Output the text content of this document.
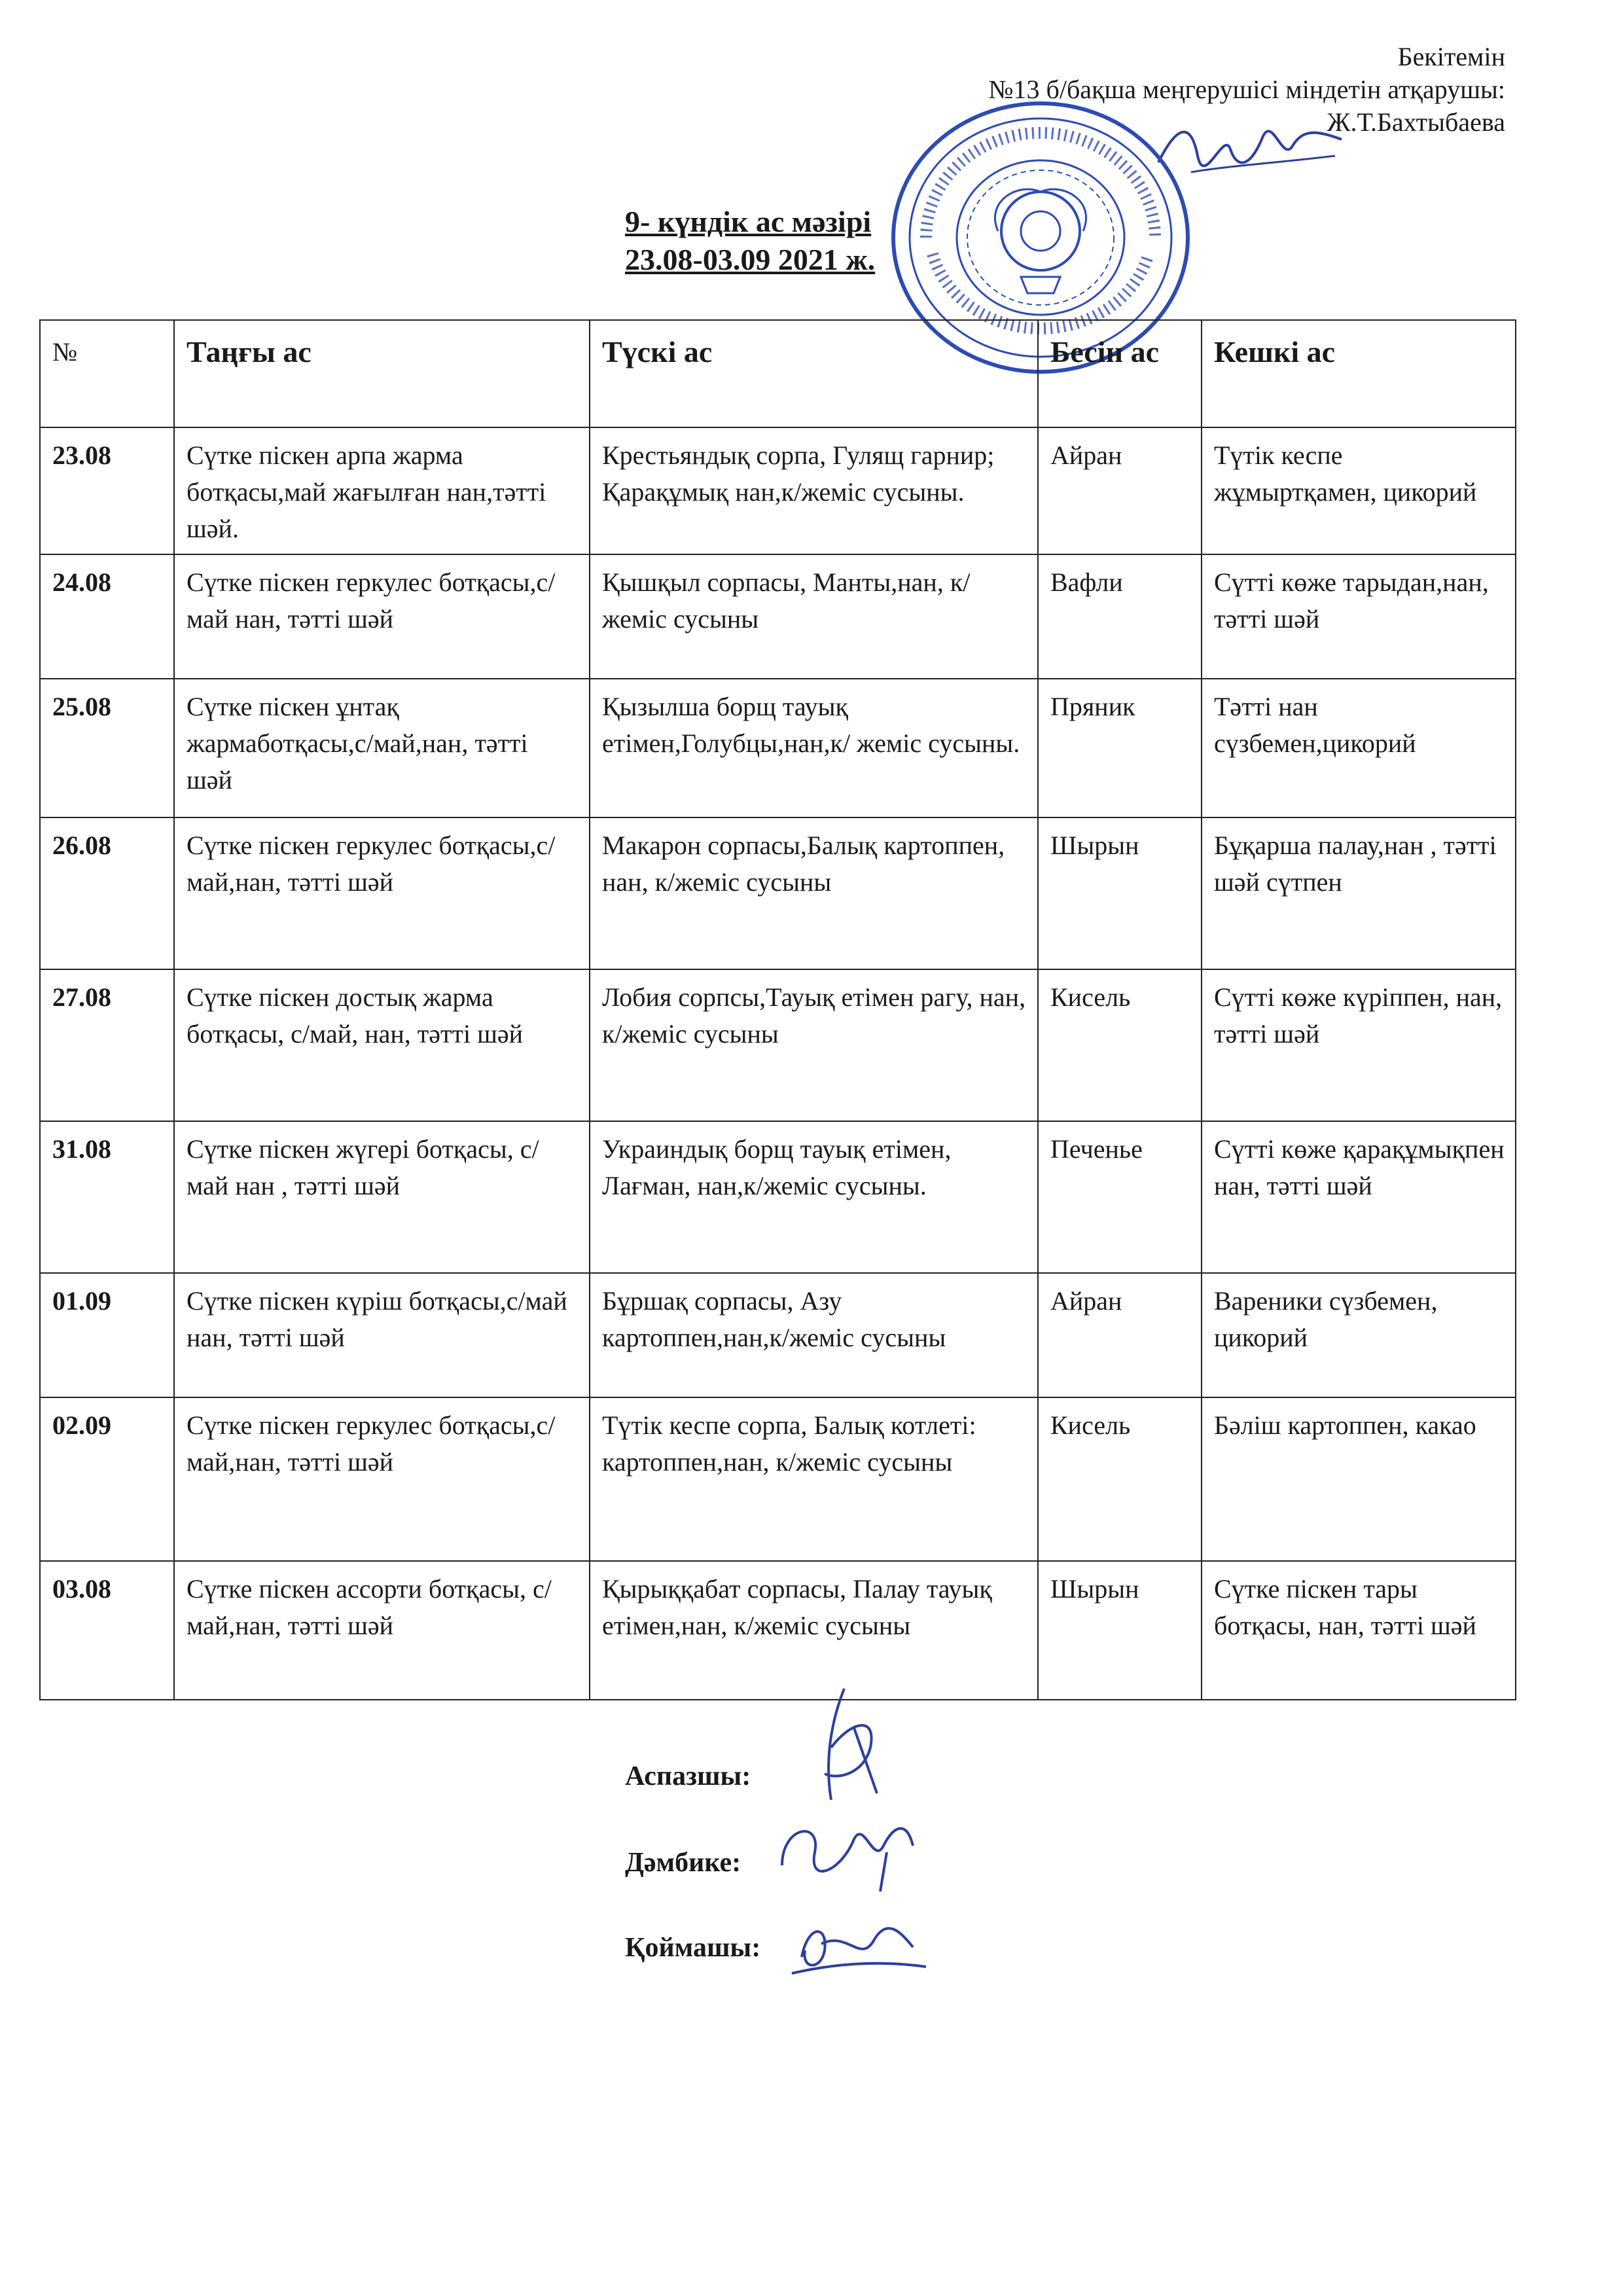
Бекітемін
№13 б/бақша меңгерушісі міндетін атқарушы:
Ж.Т.Бахтыбаева
9- күндік ас мәзірі
23.08-03.09 2021 ж.
№	Таңғы ас	Түскі ас	Бесін ас	Кешкі ас
23.08	Сүтке піскен арпа жарма ботқасы,май жағылған нан,тәтті шәй.	Крестьяндық сорпа, Гулящ гарнир; Қарақұмық нан,к/жеміс сусыны.	Айран	Түтік кеспе жұмыртқамен, цикорий
24.08	Сүтке піскен геркулес ботқасы,с/май нан, тәтті шәй	Қышқыл сорпасы, Манты,нан, к/жеміс сусыны	Вафли	Сүтті көже тарыдан,нан, тәтті шәй
25.08	Сүтке піскен ұнтақ жармаботқасы,с/май,нан, тәтті шәй	Қызылша борщ тауық етімен,Голубцы,нан,к/ жеміс сусыны.	Пряник	Тәтті нан сүзбемен,цикорий
26.08	Сүтке піскен геркулес ботқасы,с/май,нан, тәтті шәй	Макарон сорпасы,Балық картоппен, нан, к/жеміс сусыны	Шырын	Бұқарша палау,нан , тәтті шәй сүтпен
27.08	Сүтке піскен достық жарма ботқасы, с/май, нан, тәтті шәй	Лобия сорпсы,Тауық етімен рагу, нан, к/жеміс сусыны	Кисель	Сүтті көже күріппен, нан, тәтті шәй
31.08	Сүтке піскен жүгері ботқасы, с/май нан , тәтті шәй	Украиндық борщ тауық етімен, Лағман, нан,к/жеміс сусыны.	Печенье	Сүтті көже қарақұмықпен нан, тәтті шәй
01.09	Сүтке піскен күріш ботқасы,с/май нан, тәтті шәй	Бұршақ сорпасы, Азу картоппен,нан,к/жеміс сусыны	Айран	Вареники сүзбемен, цикорий
02.09	Сүтке піскен геркулес ботқасы,с/май,нан, тәтті шәй	Түтік кеспе сорпа, Балық котлеті: картоппен,нан, к/жеміс сусыны	Кисель	Бәліш картоппен, какао
03.08	Сүтке піскен ассорти ботқасы, с/май,нан, тәтті шәй	Қырыққабат сорпасы, Палау тауық етімен,нан, к/жеміс сусыны	Шырын	Сүтке піскен тары ботқасы, нан, тәтті шәй
Аспазшы:
Дәмбике:
Қоймашы:
